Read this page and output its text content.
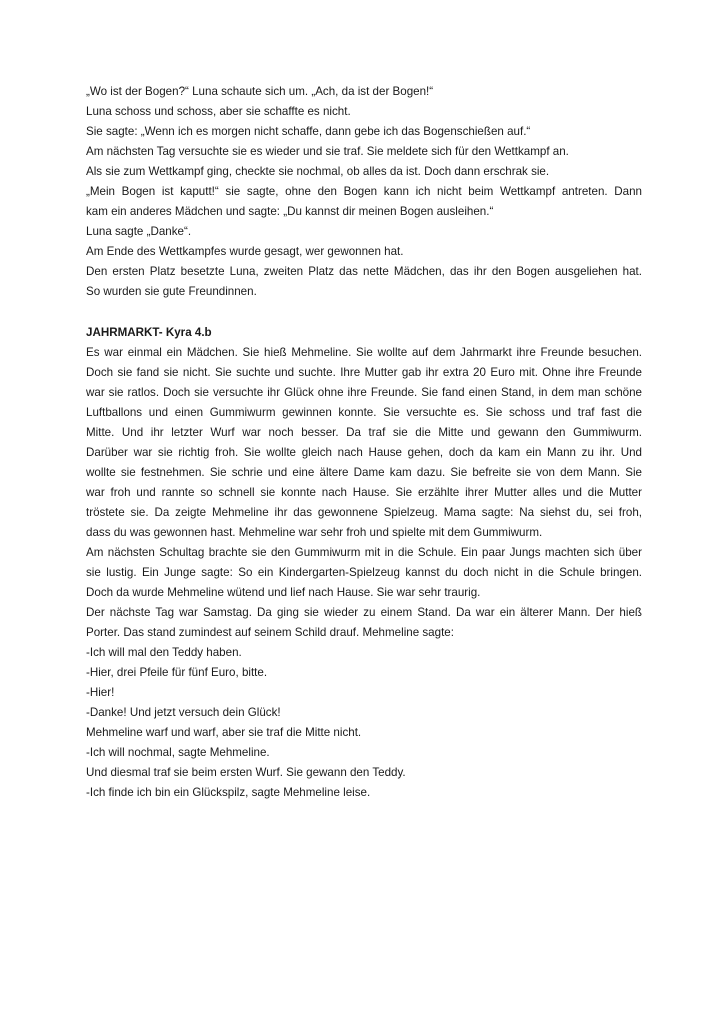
„Wo ist der Bogen?“ Luna schaute sich um. „Ach, da ist der Bogen!“
Luna schoss und schoss, aber sie schaffte es nicht.
Sie sagte: „Wenn ich es morgen nicht schaffe, dann gebe ich das Bogenschießen auf.“
Am nächsten Tag versuchte sie es wieder und sie traf. Sie meldete sich für den Wettkampf an.
Als sie zum Wettkampf ging, checkte sie nochmal, ob alles da ist. Doch dann erschrak sie.
„Mein Bogen ist kaputt!“ sie sagte, ohne den Bogen kann ich nicht beim Wettkampf antreten. Dann
kam ein anderes Mädchen und sagte: „Du kannst dir meinen Bogen ausleihen.“
Luna sagte „Danke“.
Am Ende des Wettkampfes wurde gesagt, wer gewonnen hat.
Den ersten Platz besetzte Luna, zweiten Platz das nette Mädchen, das ihr den Bogen ausgeliehen hat.
So wurden sie gute Freundinnen.
JAHRMARKT- Kyra 4.b
Es war einmal ein Mädchen. Sie hieß Mehmeline. Sie wollte auf dem Jahrmarkt ihre Freunde besuchen.
Doch sie fand sie nicht. Sie suchte und suchte. Ihre Mutter gab ihr extra 20 Euro mit. Ohne ihre Freunde
war sie ratlos. Doch sie versuchte ihr Glück ohne ihre Freunde. Sie fand einen Stand, in dem man schöne
Luftballons und einen Gummiwurm gewinnen konnte. Sie versuchte es. Sie schoss und traf fast die
Mitte. Und ihr letzter Wurf war noch besser. Da traf sie die Mitte und gewann den Gummiwurm.
Darüber war sie richtig froh. Sie wollte gleich nach Hause gehen, doch da kam ein Mann zu ihr. Und
wollte sie festnehmen. Sie schrie und eine ältere Dame kam dazu. Sie befreite sie von dem Mann. Sie
war froh und rannte so schnell sie konnte nach Hause. Sie erzählte ihrer Mutter alles und die Mutter
tröstete sie. Da zeigte Mehmeline ihr das gewonnene Spielzeug. Mama sagte: Na siehst du, sei froh,
dass du was gewonnen hast. Mehmeline war sehr froh und spielte mit dem Gummiwurm.
Am nächsten Schultag brachte sie den Gummiwurm mit in die Schule. Ein paar Jungs machten sich über
sie lustig. Ein Junge sagte: So ein Kindergarten-Spielzeug kannst du doch nicht in die Schule bringen.
Doch da wurde Mehmeline wütend und lief nach Hause. Sie war sehr traurig.
Der nächste Tag war Samstag. Da ging sie wieder zu einem Stand. Da war ein älterer Mann. Der hieß
Porter. Das stand zumindest auf seinem Schild drauf. Mehmeline sagte:
-Ich will mal den Teddy haben.
-Hier, drei Pfeile für fünf Euro, bitte.
-Hier!
-Danke! Und jetzt versuch dein Glück!
Mehmeline warf und warf, aber sie traf die Mitte nicht.
-Ich will nochmal, sagte Mehmeline.
Und diesmal traf sie beim ersten Wurf. Sie gewann den Teddy.
-Ich finde ich bin ein Glückspilz, sagte Mehmeline leise.
